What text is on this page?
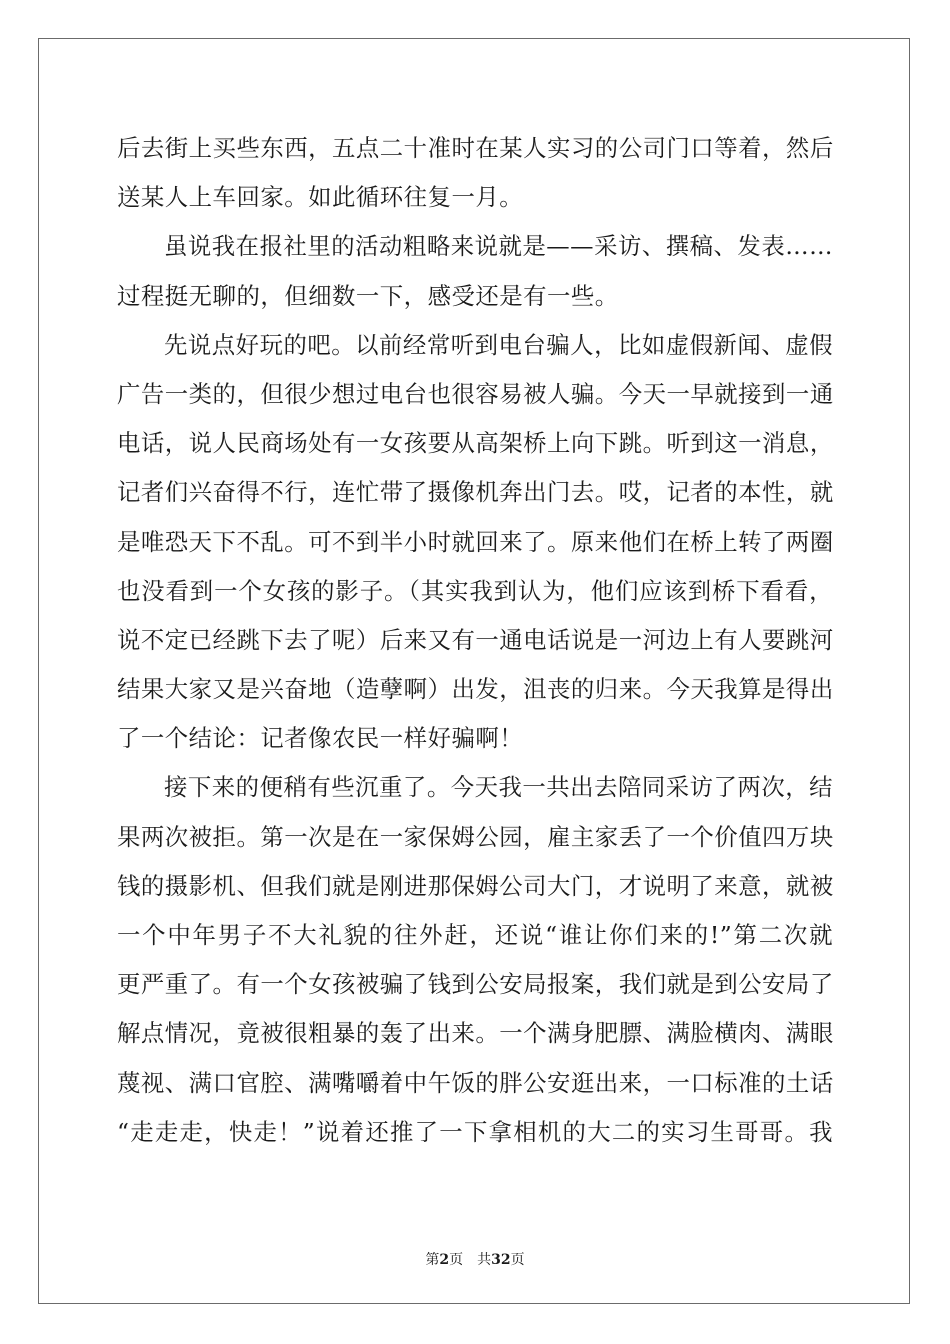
后去街上买些东西，五点二十准时在某人实习的公司门口等着，然后
送某人上车回家。如此循环往复一月。
虽说我在报社里的活动粗略来说就是——采访、撰稿、发表……
过程挺无聊的，但细数一下，感受还是有一些。
先说点好玩的吧。以前经常听到电台骗人，比如虚假新闻、虚假
广告一类的，但很少想过电台也很容易被人骗。今天一早就接到一通
电话，说人民商场处有一女孩要从高架桥上向下跳。听到这一消息，
记者们兴奋得不行，连忙带了摄像机奔出门去。哎，记者的本性，就
是唯恐天下不乱。可不到半小时就回来了。原来他们在桥上转了两圈
也没看到一个女孩的影子。（其实我到认为，他们应该到桥下看看，
说不定已经跳下去了呢）后来又有一通电话说是一河边上有人要跳河
结果大家又是兴奋地（造孽啊）出发，沮丧的归来。今天我算是得出
了一个结论：记者像农民一样好骗啊！
接下来的便稍有些沉重了。今天我一共出去陪同采访了两次，结
果两次被拒。第一次是在一家保姆公园，雇主家丢了一个价值四万块
钱的摄影机、但我们就是刚进那保姆公司大门，才说明了来意，就被
一个中年男子不大礼貌的往外赶，还说“谁让你们来的!”第二次就
更严重了。有一个女孩被骗了钱到公安局报案，我们就是到公安局了
解点情况，竟被很粗暴的轰了出来。一个满身肥膘、满脸横肉、满眼
蔑视、满口官腔、满嘴嚼着中午饭的胖公安逛出来，一口标准的土话
“走走走，快走！”说着还推了一下拿相机的大二的实习生哥哥。我
第2页 共32页
